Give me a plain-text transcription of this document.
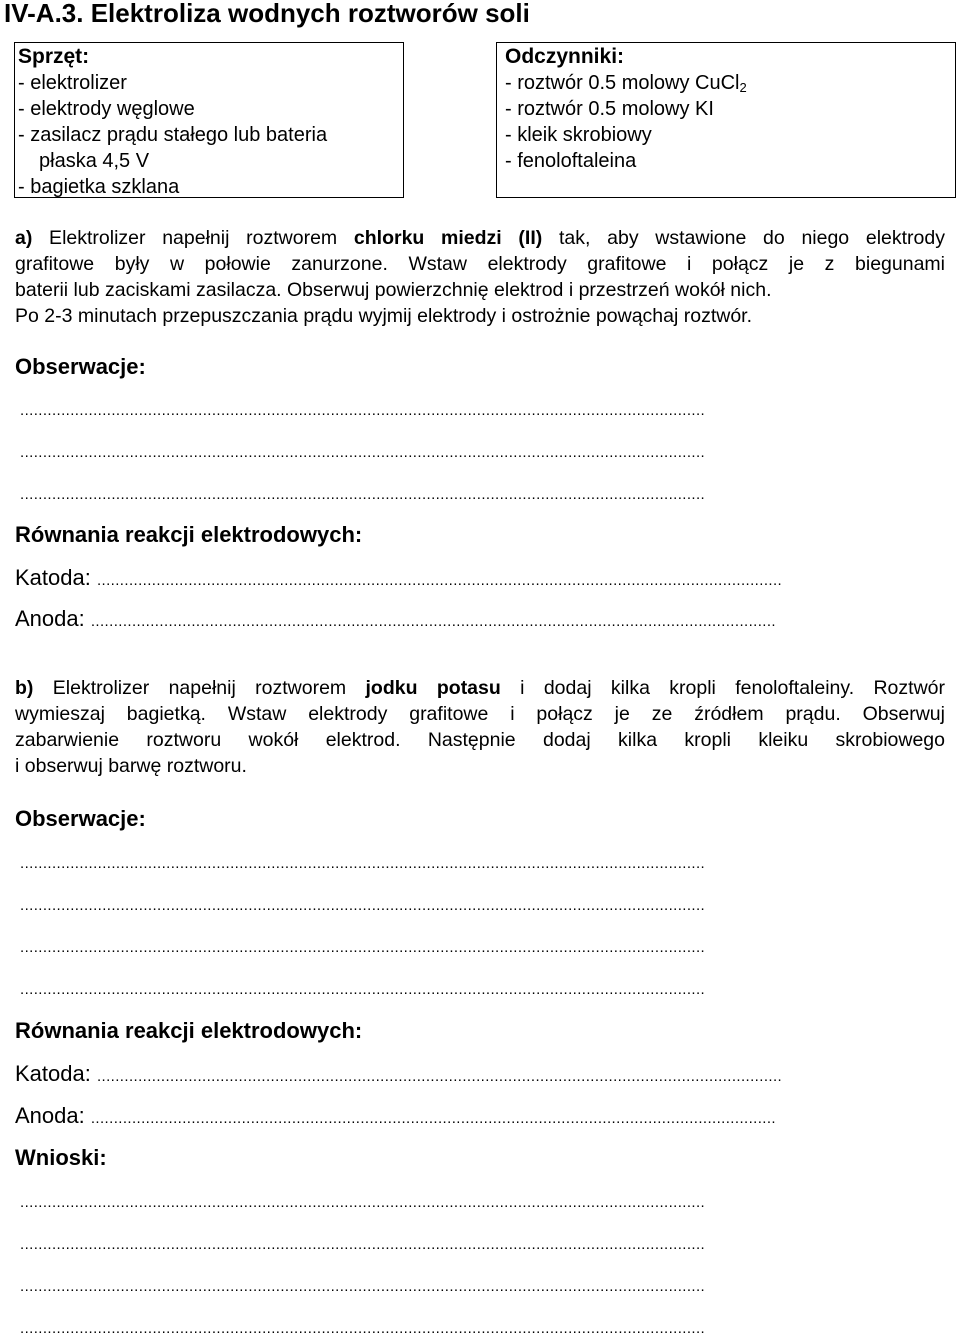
IV-A.3. Elektroliza wodnych roztworów soli
Sprzęt:
- elektrolizer
- elektrody węglowe
- zasilacz prądu stałego lub bateria
płaska 4,5 V
- bagietka szklana
Odczynniki:
- roztwór 0.5 molowy CuCl$_2$
- roztwór 0.5 molowy KI
- kleik skrobiowy
- fenoloftaleina
a) Elektrolizer napełnij roztworem chlorku miedzi (II) tak, aby wstawione do niego elektrody
grafitowe były w połowie zanurzone. Wstaw elektrody grafitowe i połącz je z biegunami
baterii lub zaciskami zasilacza. Obserwuj powierzchnię elektrod i przestrzeń wokół nich.
Po 2-3 minutach przepuszczania prądu wyjmij elektrody i ostrożnie powąchaj roztwór.
Obserwacje:
......................................................................................................................................................
......................................................................................................................................................
......................................................................................................................................................
Równania reakcji elektrodowych:
Katoda: ......................................................................................................................................................
Anoda: ......................................................................................................................................................
b) Elektrolizer napełnij roztworem jodku potasu i dodaj kilka kropli fenoloftaleiny. Roztwór
wymieszaj bagietką. Wstaw elektrody grafitowe i połącz je ze źródłem prądu. Obserwuj
zabarwienie roztworu wokół elektrod. Następnie dodaj kilka kropli kleiku skrobiowego
i obserwuj barwę roztworu.
Obserwacje:
......................................................................................................................................................
......................................................................................................................................................
......................................................................................................................................................
......................................................................................................................................................
Równania reakcji elektrodowych:
Katoda: ......................................................................................................................................................
Anoda: ......................................................................................................................................................
Wnioski:
......................................................................................................................................................
......................................................................................................................................................
......................................................................................................................................................
......................................................................................................................................................
